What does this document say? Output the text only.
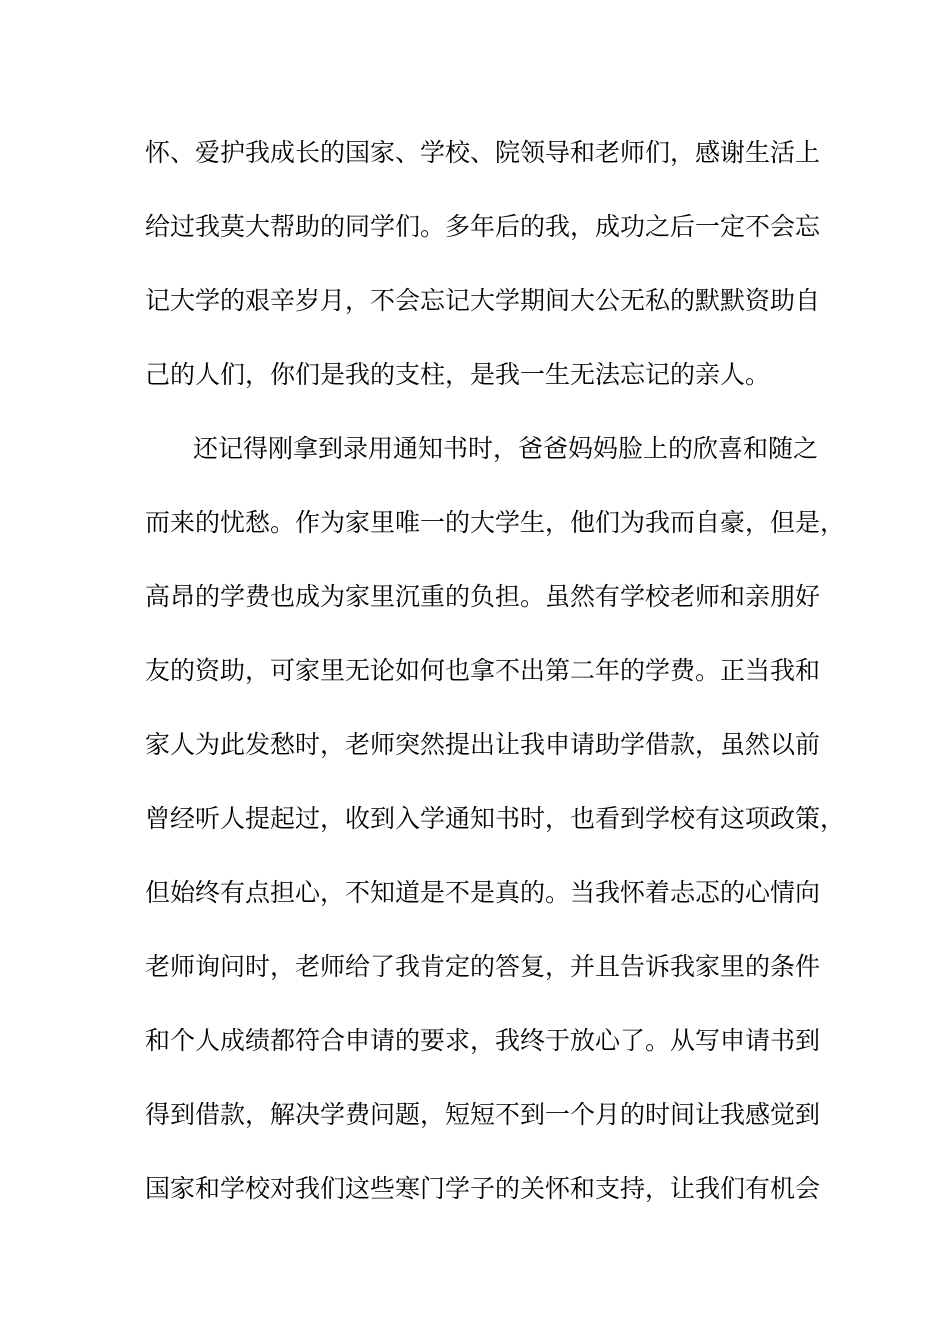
怀、爱护我成长的国家、学校、院领导和老师们，感谢生活上
给过我莫大帮助的同学们。多年后的我，成功之后一定不会忘
记大学的艰辛岁月，不会忘记大学期间大公无私的默默资助自
己的人们，你们是我的支柱，是我一生无法忘记的亲人。
还记得刚拿到录用通知书时，爸爸妈妈脸上的欣喜和随之
而来的忧愁。作为家里唯一的大学生，他们为我而自豪，但是，
高昂的学费也成为家里沉重的负担。虽然有学校老师和亲朋好
友的资助，可家里无论如何也拿不出第二年的学费。正当我和
家人为此发愁时，老师突然提出让我申请助学借款，虽然以前
曾经听人提起过，收到入学通知书时，也看到学校有这项政策，
但始终有点担心，不知道是不是真的。当我怀着忐忑的心情向
老师询问时，老师给了我肯定的答复，并且告诉我家里的条件
和个人成绩都符合申请的要求，我终于放心了。从写申请书到
得到借款，解决学费问题，短短不到一个月的时间让我感觉到
国家和学校对我们这些寒门学子的关怀和支持，让我们有机会
